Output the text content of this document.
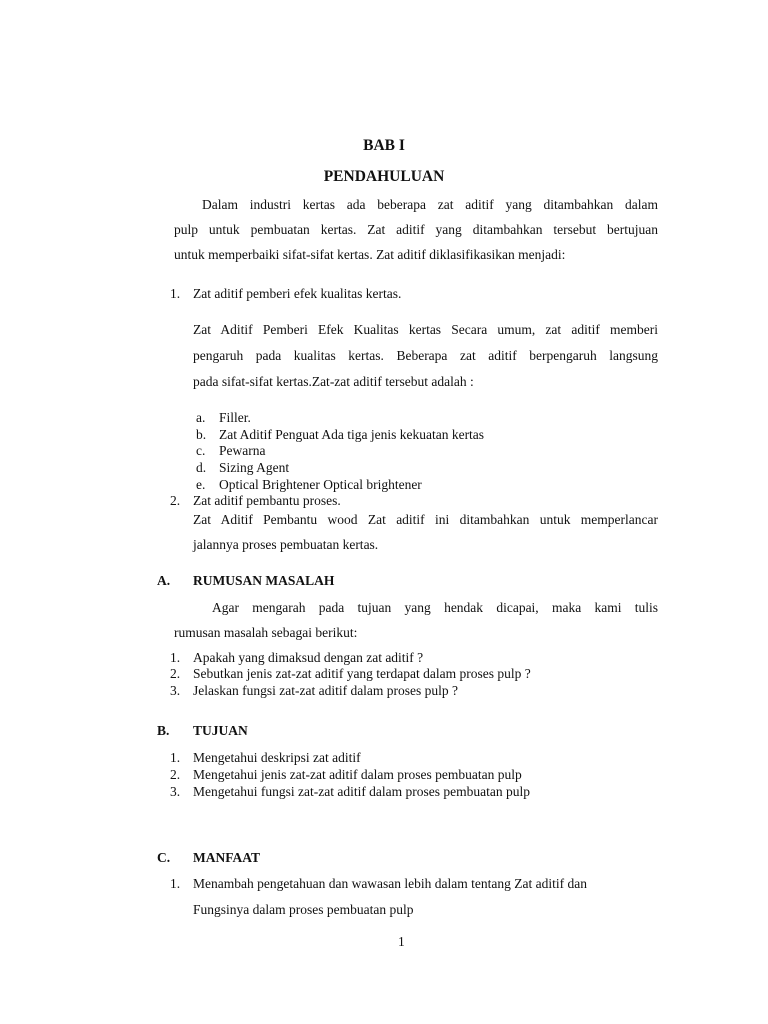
BAB I
PENDAHULUAN
Dalam industri kertas ada beberapa zat aditif yang ditambahkan dalam
pulp untuk pembuatan kertas. Zat aditif yang ditambahkan tersebut bertujuan
untuk memperbaiki sifat-sifat kertas. Zat aditif diklasifikasikan menjadi:
1. Zat aditif pemberi efek kualitas kertas.
Zat Aditif Pemberi Efek Kualitas kertas Secara umum, zat aditif memberi
pengaruh pada kualitas kertas. Beberapa zat aditif berpengaruh langsung
pada sifat-sifat kertas.Zat-zat aditif tersebut adalah :
a. Filler.
b. Zat Aditif Penguat Ada tiga jenis kekuatan kertas
c. Pewarna
d. Sizing Agent
e. Optical Brightener Optical brightener
2. Zat aditif pembantu proses.
Zat Aditif Pembantu wood Zat aditif ini ditambahkan untuk memperlancar
jalannya proses pembuatan kertas.
A. RUMUSAN MASALAH
Agar mengarah pada tujuan yang hendak dicapai, maka kami tulis
rumusan masalah sebagai berikut:
1. Apakah yang dimaksud dengan zat aditif ?
2. Sebutkan jenis zat-zat aditif yang terdapat dalam proses pulp ?
3. Jelaskan fungsi zat-zat aditif dalam proses pulp ?
B. TUJUAN
1. Mengetahui deskripsi zat aditif
2. Mengetahui jenis zat-zat aditif dalam proses pembuatan pulp
3. Mengetahui fungsi zat-zat aditif dalam proses pembuatan pulp
C. MANFAAT
1. Menambah pengetahuan dan wawasan lebih dalam tentang Zat aditif dan
Fungsinya dalam proses pembuatan pulp
1
